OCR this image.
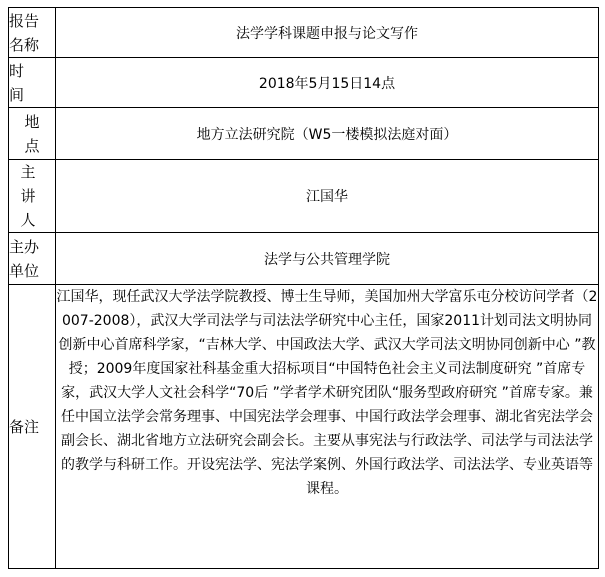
报告名称	法学学科课题申报与论文写作

时间	2018年5月15日14点

地点	地方立法研究院（W5一楼模拟法庭对面）

主讲人	江国华

主办单位	法学与公共管理学院
备注	江国华，现任武汉大学法学院教授、博士生导师，美国加州大学富乐屯分校访问学者（2007-2008），武汉大学司法学与司法法学研究中心主任，国家2011计划司法文明协同创新中心首席科学家，“吉林大学、中国政法大学、武汉大学司法文明协同创新中心 ”教授；2009年度国家社科基金重大招标项目“中国特色社会主义司法制度研究 ”首席专家，武汉大学人文社会科学“70后 ”学者学术研究团队“服务型政府研究 ”首席专家。兼任中国立法学会常务理事、中国宪法学会理事、中国行政法学会理事、湖北省宪法学会副会长、湖北省地方立法研究会副会长。主要从事宪法与行政法学、司法学与司法法学的教学与科研工作。开设宪法学、宪法学案例、外国行政法学、司法法学、专业英语等课程。
